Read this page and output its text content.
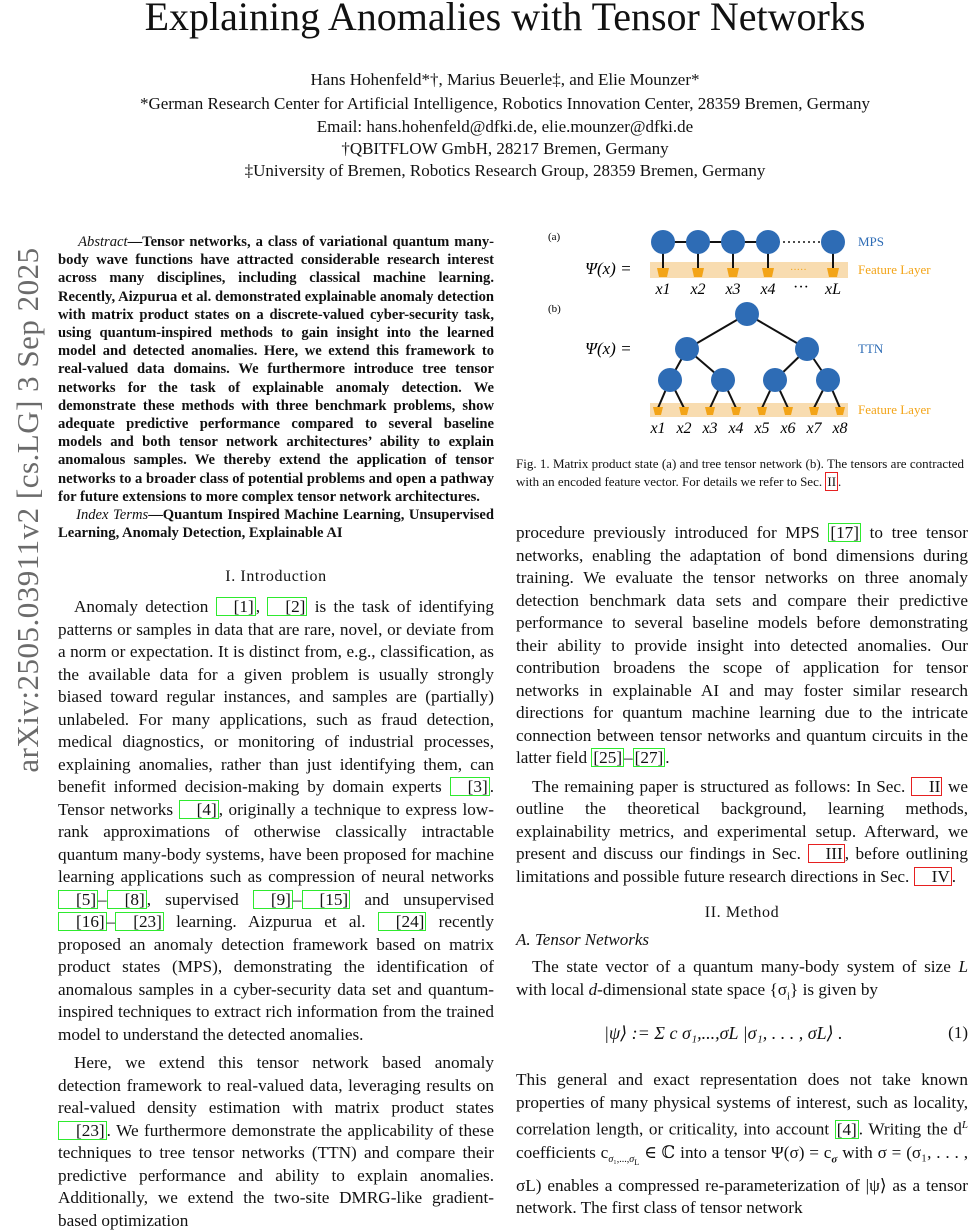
arXiv:2505.03911v2 [cs.LG] 3 Sep 2025
Explaining Anomalies with Tensor Networks
Hans Hohenfeld*†, Marius Beuerle‡, and Elie Mounzer*
*German Research Center for Artificial Intelligence, Robotics Innovation Center, 28359 Bremen, Germany
Email: hans.hohenfeld@dfki.de, elie.mounzer@dfki.de
†QBITFLOW GmbH, 28217 Bremen, Germany
‡University of Bremen, Robotics Research Group, 28359 Bremen, Germany

Abstract—Tensor networks, a class of variational quantum many-body wave functions have attracted considerable research interest across many disciplines, including classical machine learning. Recently, Aizpurua et al. demonstrated explainable anomaly detection with matrix product states on a discrete-valued cyber-security task, using quantum-inspired methods to gain insight into the learned model and detected anomalies. Here, we extend this framework to real-valued data domains. We furthermore introduce tree tensor networks for the task of explainable anomaly detection. We demonstrate these methods with three benchmark problems, show adequate predictive performance compared to several baseline models and both tensor network architectures’ ability to explain anomalous samples. We thereby extend the application of tensor networks to a broader class of potential problems and open a pathway for future extensions to more complex tensor network architectures.

Index Terms—Quantum Inspired Machine Learning, Unsupervised Learning, Anomaly Detection, Explainable AI

I. Introduction

Anomaly detection [1] , [2] is the task of identifying patterns or samples in data that are rare, novel, or deviate from a norm or expectation. It is distinct from, e.g., classification, as the available data for a given problem is usually strongly biased toward regular instances, and samples are (partially) unlabeled. For many applications, such as fraud detection, medical diagnostics, or monitoring of industrial processes, explaining anomalies, rather than just identifying them, can benefit informed decision-making by domain experts [3] . Tensor networks [4] , originally a technique to express low-rank approximations of otherwise classically intractable quantum many-body systems, have been proposed for machine learning applications such as compression of neural networks [5] – [8] , supervised [9] – [15] and unsupervised [16] – [23] learning. Aizpurua et al. [24] recently proposed an anomaly detection framework based on matrix product states (MPS), demonstrating the identification of anomalous samples in a cyber-security data set and quantum-inspired techniques to extract rich information from the trained model to understand the detected anomalies.

Here, we extend this tensor network based anomaly detection framework to real-valued data, leveraging results on real-valued density estimation with matrix product states [23] . We furthermore demonstrate the applicability of these techniques to tree tensor networks (TTN) and compare their predictive performance and ability to explain anomalies. Additionally, we extend the two-site DMRG-like gradient-based optimization

(a)
Ψ(x) =	·····
x1 x2 x3 x4 ··· xL
MPS
Feature Layer
(b)
Ψ(x) =
x1 x2 x3 x4 x5 x6 x7 x8
TTN
Feature Layer
Fig. 1. Matrix product state (a) and tree tensor network (b). The tensors are contracted with an encoded feature vector. For details we refer to Sec. II .

procedure previously introduced for MPS [17] to tree tensor networks, enabling the adaptation of bond dimensions during training. We evaluate the tensor networks on three anomaly detection benchmark data sets and compare their predictive performance to several baseline models before demonstrating their ability to provide insight into detected anomalies. Our contribution broadens the scope of application for tensor networks in explainable AI and may foster similar research directions for quantum machine learning due to the intricate connection between tensor networks and quantum circuits in the latter field [25] – [27] .

The remaining paper is structured as follows: In Sec. II we outline the theoretical background, learning methods, explainability metrics, and experimental setup. Afterward, we present and discuss our findings in Sec. III , before outlining limitations and possible future research directions in Sec. IV .

II. Method
A. Tensor Networks

The state vector of a quantum many-body system of size L with local d-dimensional state space $\{\sigma_i\}$ is given by

|ψ⟩ := Σ c σ₁,...,σL |σ₁, . . . , σL⟩ .	(1)

This general and exact representation does not take known properties of many physical systems of interest, such as locality, correlation length, or criticality, into account [4] . Writing the $d^L$ coefficients $c_{\sigma_1,...,\sigma_L}$ ∈ ℂ into a tensor $\Psi(\sigma) = c_\sigma$ with σ = (σ₁, . . . , σL) enables a compressed re-parameterization of |ψ⟩ as a tensor network. The first class of tensor network
